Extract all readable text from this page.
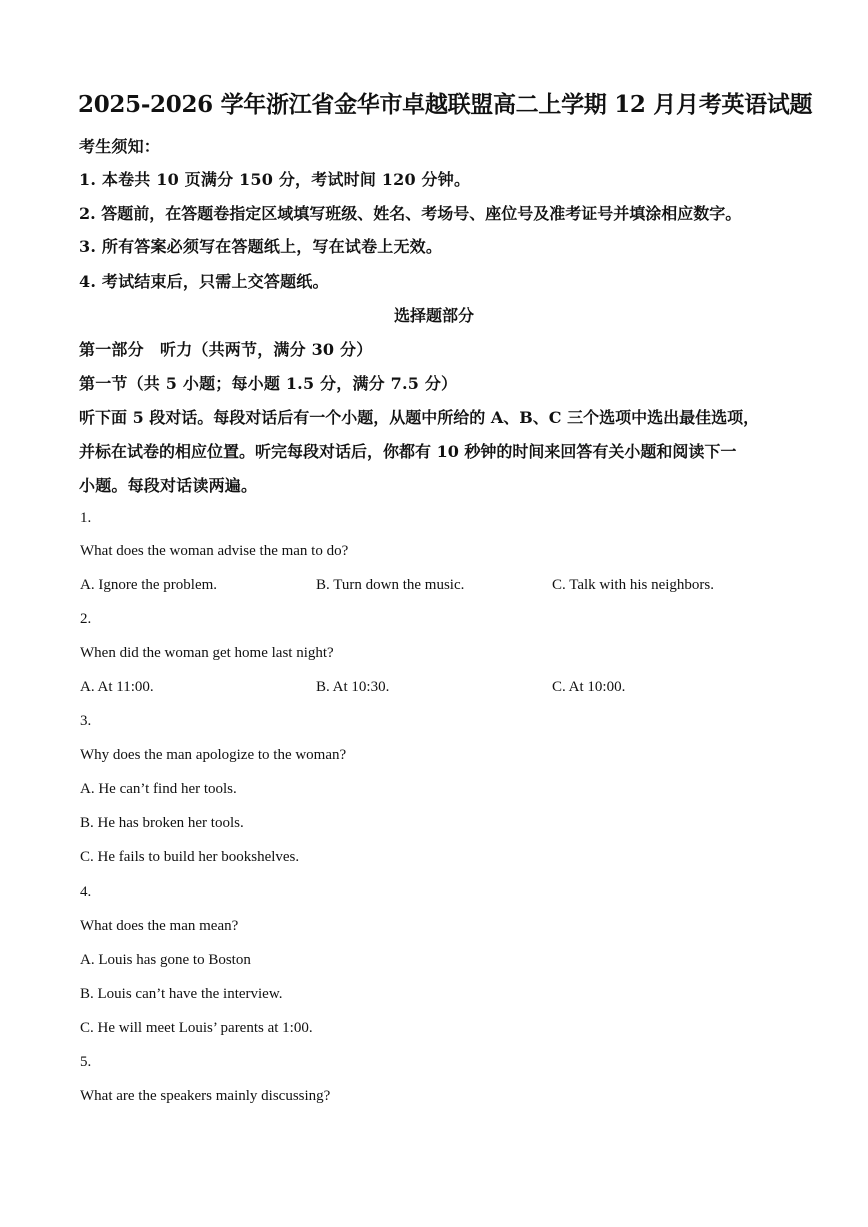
2025-2026 学年浙江省金华市卓越联盟高二上学期 12 月月考英语试题
考生须知：
1. 本卷共 10 页满分 150 分，考试时间 120 分钟。
2. 答题前，在答题卷指定区域填写班级、姓名、考场号、座位号及准考证号并填涂相应数字。
3. 所有答案必须写在答题纸上，写在试卷上无效。
4. 考试结束后，只需上交答题纸。
选择题部分
第一部分　听力（共两节，满分 30 分）
第一节（共 5 小题；每小题 1.5 分，满分 7.5 分）
听下面 5 段对话。每段对话后有一个小题，从题中所给的 A、B、C 三个选项中选出最佳选项，
并标在试卷的相应位置。听完每段对话后，你都有 10 秒钟的时间来回答有关小题和阅读下一
小题。每段对话读两遍。
1.
What does the woman advise the man to do?
A. Ignore the problem.	B. Turn down the music.	C. Talk with his neighbors.
2.
When did the woman get home last night?
A. At 11:00.	B. At 10:30.	C. At 10:00.
3.
Why does the man apologize to the woman?
A. He can’t find her tools.
B. He has broken her tools.
C. He fails to build her bookshelves.
4.
What does the man mean?
A. Louis has gone to Boston
B. Louis can’t have the interview.
C. He will meet Louis’ parents at 1:00.
5.
What are the speakers mainly discussing?
